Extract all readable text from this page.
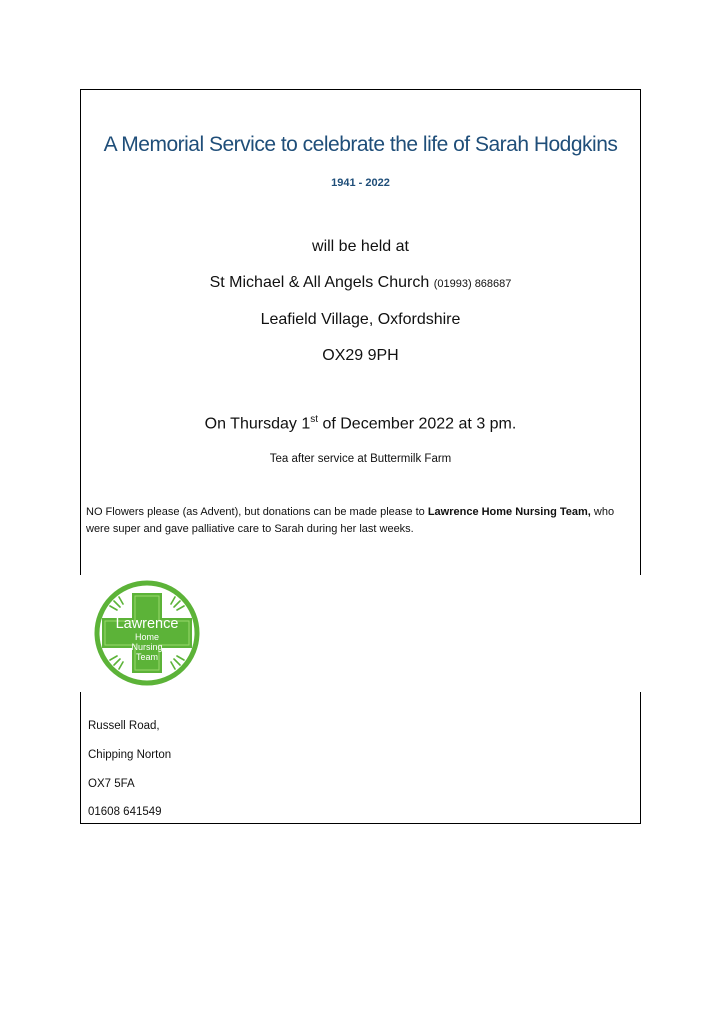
A Memorial Service to celebrate the life of Sarah Hodgkins
1941 - 2022
will be held at
St Michael & All Angels Church (01993) 868687
Leafield Village, Oxfordshire
OX29 9PH
On Thursday 1st of December 2022 at 3 pm.
Tea after service at Buttermilk Farm
NO Flowers please (as Advent), but donations can be made please to Lawrence Home Nursing Team, who were super and gave palliative care to Sarah during her last weeks.
Lawrence
Home
Nursing
Team
Russell Road,
Chipping Norton
OX7 5FA
01608 641549
